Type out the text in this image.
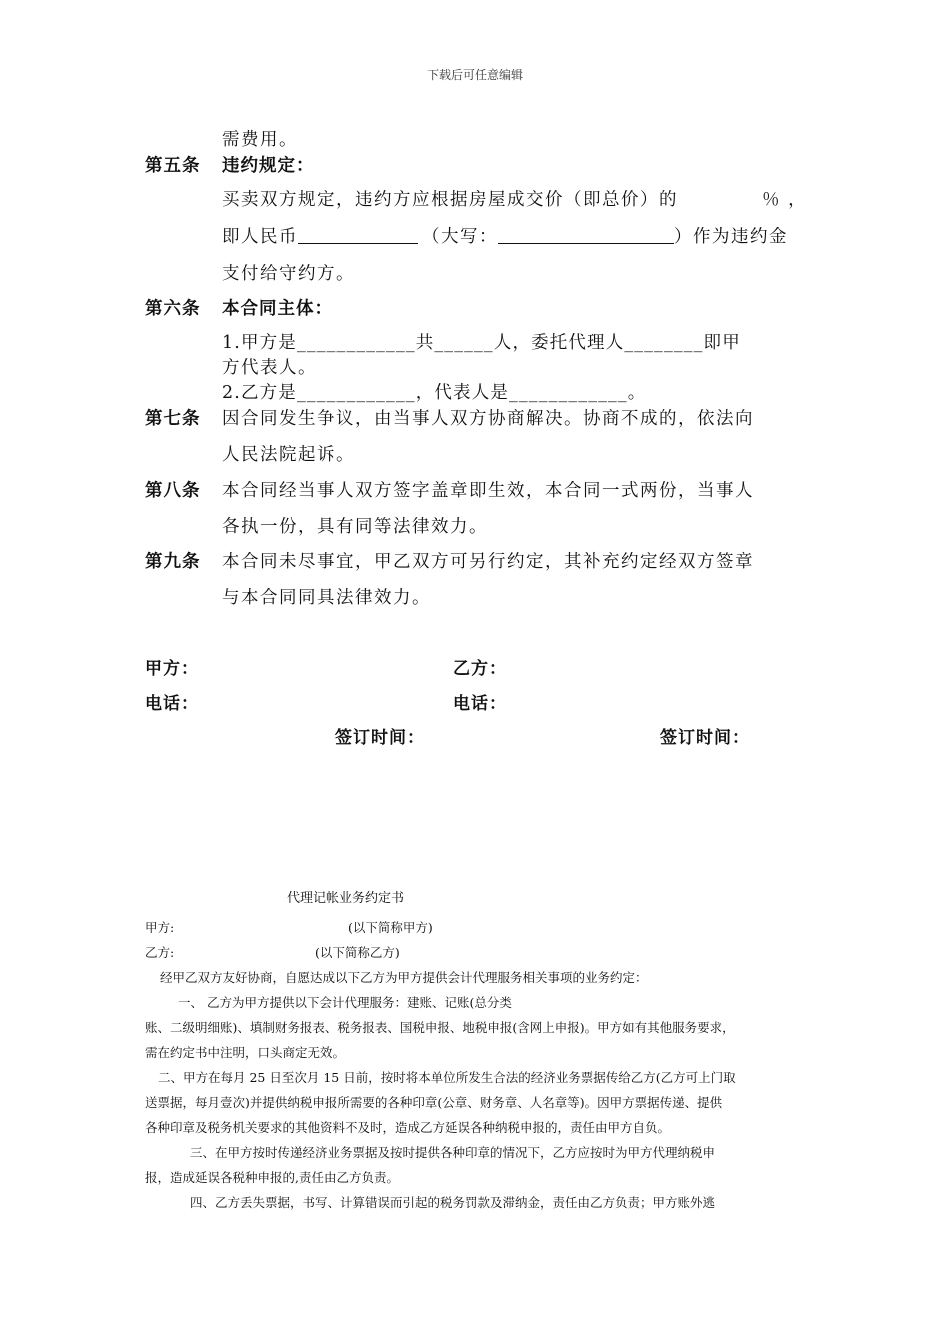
下载后可任意编辑
需费用。
第五条 违约规定：
买卖双方规定，违约方应根据房屋成交价（即总价）的	％ ，
即人民币	（大写：	）作为违约金
支付给守约方。
第六条 本合同主体：
1.甲方是____________共______人，委托代理人________即甲
方代表人。
2.乙方是____________，代表人是____________。
第七条 因合同发生争议，由当事人双方协商解决。协商不成的，依法向
人民法院起诉。
第八条 本合同经当事人双方签字盖章即生效，本合同一式两份，当事人
各执一份，具有同等法律效力。
第九条 本合同未尽事宜，甲乙双方可另行约定，其补充约定经双方签章
与本合同同具法律效力。
甲方：	乙方：
电话：	电话：
签订时间：	签订时间：
代理记帐业务约定书
甲方:	(以下简称甲方)
乙方:	(以下简称乙方)
经甲乙双方友好协商，自愿达成以下乙方为甲方提供会计代理服务相关事项的业务约定：
一、 乙方为甲方提供以下会计代理服务：建账、记账(总分类
账、二级明细账)、填制财务报表、税务报表、国税申报、地税申报(含网上申报)。甲方如有其他服务要求，
需在约定书中注明，口头商定无效。
二、甲方在每月 25 日至次月 15 日前，按时将本单位所发生合法的经济业务票据传给乙方(乙方可上门取
送票据，每月壹次)并提供纳税申报所需要的各种印章(公章、财务章、人名章等)。因甲方票据传递、提供
各种印章及税务机关要求的其他资料不及时，造成乙方延误各种纳税申报的，责任由甲方自负。
三、在甲方按时传递经济业务票据及按时提供各种印章的情况下，乙方应按时为甲方代理纳税申
报，造成延误各税种申报的,责任由乙方负责。
四、乙方丢失票据，书写、计算错误而引起的税务罚款及滞纳金，责任由乙方负责；甲方账外逃
